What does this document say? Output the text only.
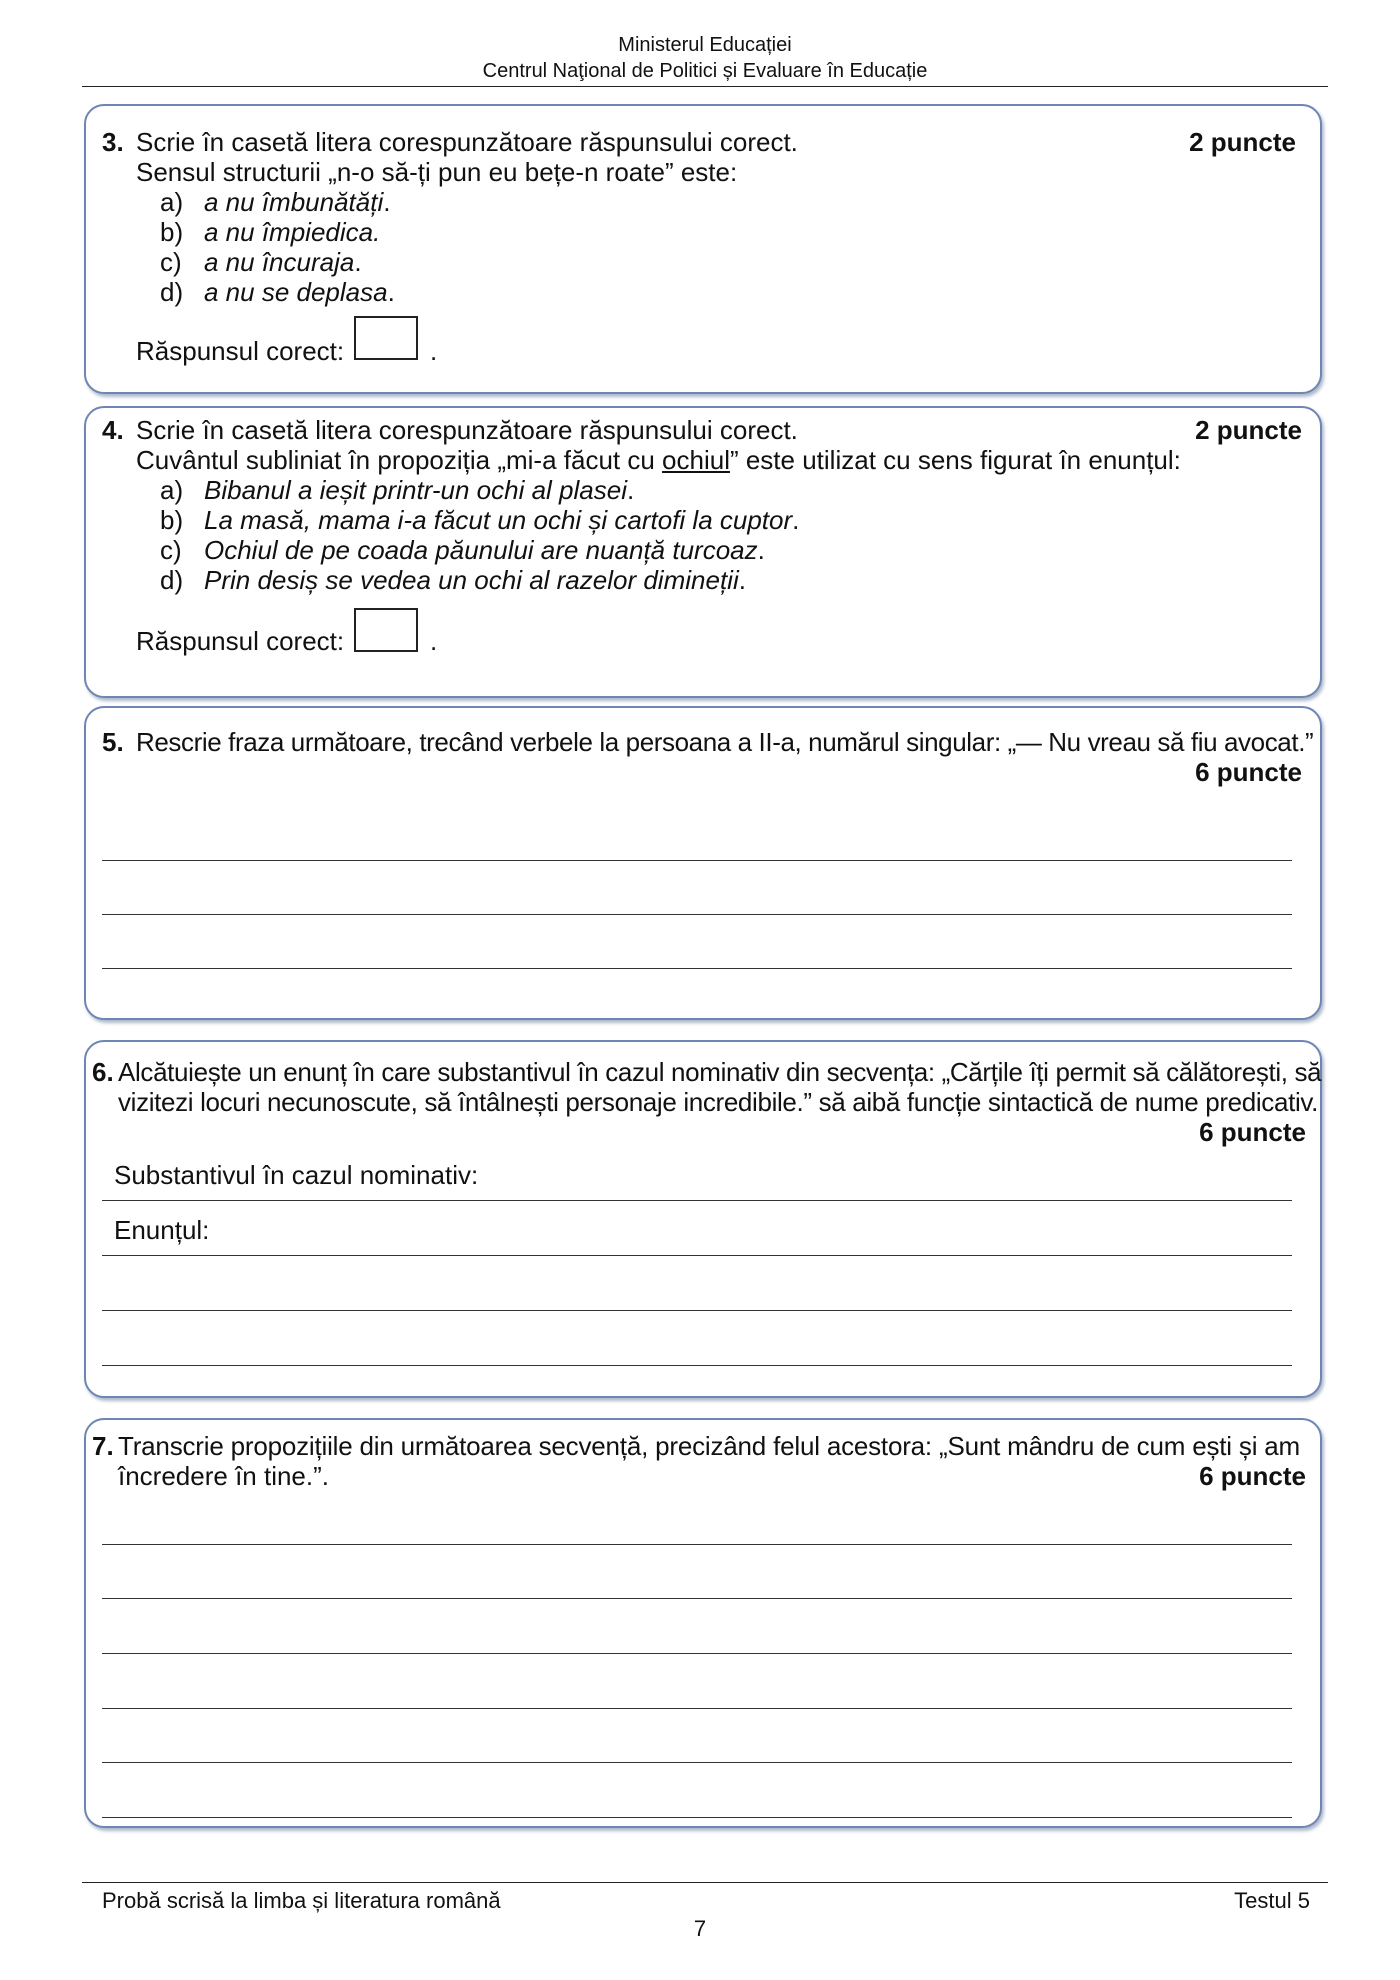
Ministerul Educației
Centrul Naţional de Politici și Evaluare în Educație
3. Scrie în casetă litera corespunzătoare răspunsului corect.	2 puncte
Sensul structurii „n-o să-ți pun eu bețe-n roate” este:
a) a nu îmbunătăți.
b) a nu împiedica.
c) a nu încuraja.
d) a nu se deplasa.
Răspunsul corect:	.
4. Scrie în casetă litera corespunzătoare răspunsului corect.	2 puncte
Cuvântul subliniat în propoziția „mi-a făcut cu ochiul” este utilizat cu sens figurat în enunțul:
a) Bibanul a ieșit printr-un ochi al plasei.
b) La masă, mama i-a făcut un ochi și cartofi la cuptor.
c) Ochiul de pe coada păunului are nuanță turcoaz.
d) Prin desiș se vedea un ochi al razelor dimineții.
Răspunsul corect:	.
5. Rescrie fraza următoare, trecând verbele la persoana a II-a, numărul singular: „— Nu vreau să fiu avocat.”
6 puncte
6. Alcătuiește un enunț în care substantivul în cazul nominativ din secvența: „Cărțile îți permit să călătorești, să
vizitezi locuri necunoscute, să întâlnești personaje incredibile.” să aibă funcție sintactică de nume predicativ.
6 puncte
Substantivul în cazul nominativ:
Enunțul:
7. Transcrie propozițiile din următoarea secvență, precizând felul acestora: „Sunt mândru de cum ești și am
încredere în tine.”.	6 puncte
Probă scrisă la limba și literatura română	Testul 5
7
